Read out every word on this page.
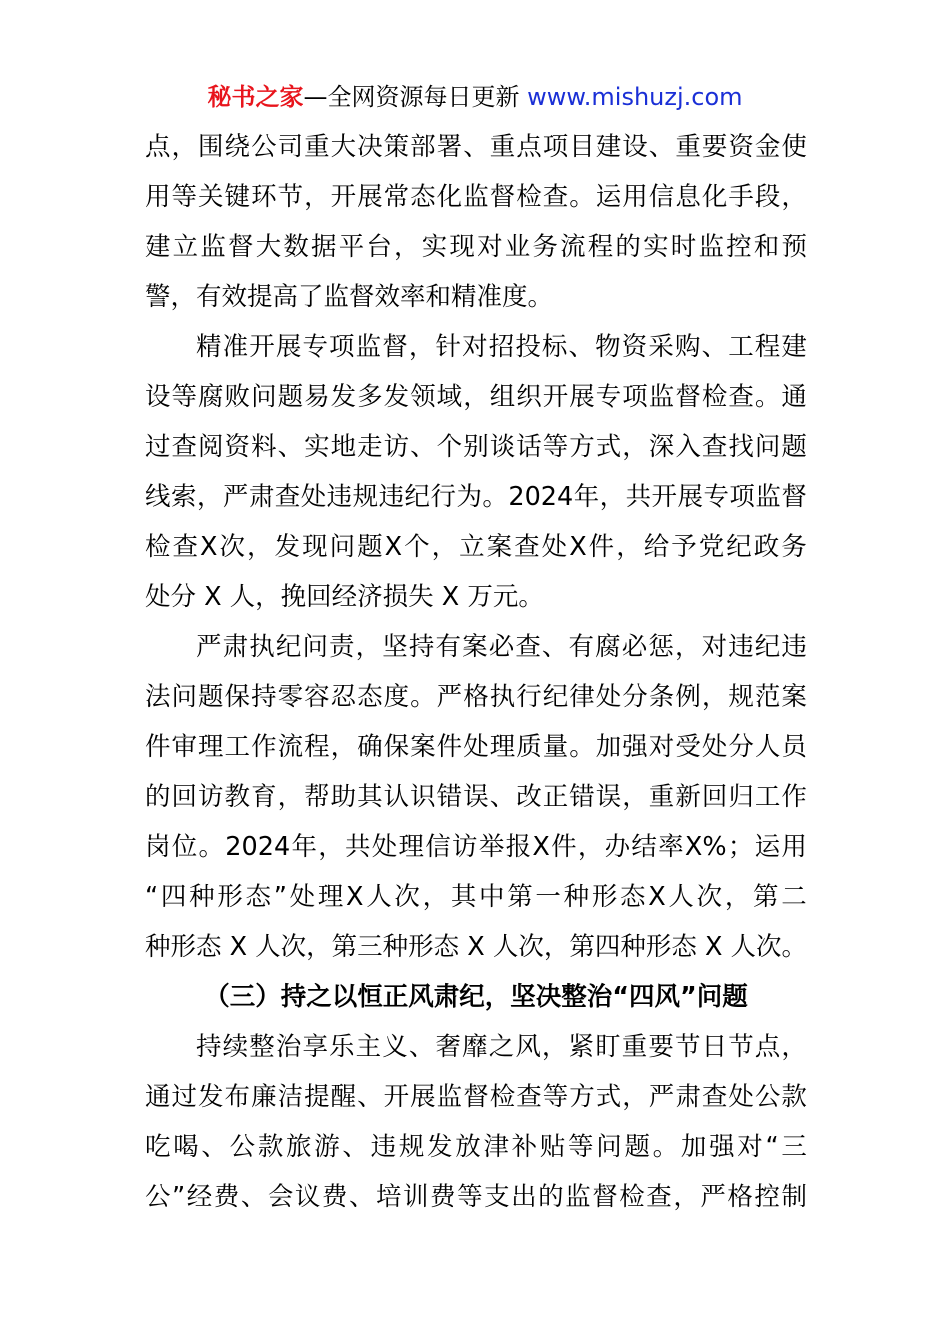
秘书之家—全网资源每日更新 www.mishuzj.com
点 ， 围 绕 公 司 重 大 决 策 部 署 、 重 点 项 目 建 设 、 重 要 资 金 使
用 等 关 键 环 节 ， 开 展 常 态 化 监 督 检 查 。 运 用 信 息 化 手 段 ，
建 立 监 督 大 数 据 平 台 ， 实 现 对 业 务 流 程 的 实 时 监 控 和 预
警，有效提高了监督效率和精准度。
精 准 开 展 专 项 监 督 ， 针 对 招 投 标 、 物 资 采 购 、 工 程 建
设 等 腐 败 问 题 易 发 多 发 领 域 ， 组 织 开 展 专 项 监 督 检 查 。 通
过 查 阅 资 料 、 实 地 走 访 、 个 别 谈 话 等 方 式 ， 深 入 查 找 问 题
线 索 ， 严 肃 查 处 违 规 违 纪 行 为 。 2024 年 ， 共 开 展 专 项 监 督
检 查 X 次 ， 发 现 问 题 X 个 ， 立 案 查 处 X 件 ， 给 予 党 纪 政 务
处分 X 人，挽回经济损失 X 万元。
严 肃 执 纪 问 责 ， 坚 持 有 案 必 查 、 有 腐 必 惩 ， 对 违 纪 违
法 问 题 保 持 零 容 忍 态 度 。 严 格 执 行 纪 律 处 分 条 例 ， 规 范 案
件 审 理 工 作 流 程 ， 确 保 案 件 处 理 质 量 。 加 强 对 受 处 分 人 员
的 回 访 教 育 ， 帮 助 其 认 识 错 误 、 改 正 错 误 ， 重 新 回 归 工 作
岗 位 。 2024 年 ， 共 处 理 信 访 举 报 X 件 ， 办 结 率 X% ； 运 用
“ 四 种 形 态 ” 处 理 X 人 次 ， 其 中 第 一 种 形 态 X 人 次 ， 第 二
种形态 X 人次，第三种形态 X 人次，第四种形态 X 人次。
（三）持之以恒正风肃纪，坚决整治“四风”问题
持 续 整 治 享 乐 主 义 、 奢 靡 之 风 ， 紧 盯 重 要 节 日 节 点 ，
通 过 发 布 廉 洁 提 醒 、 开 展 监 督 检 查 等 方 式 ， 严 肃 查 处 公 款
吃 喝 、 公 款 旅 游 、 违 规 发 放 津 补 贴 等 问 题 。 加 强 对 “ 三
公 ” 经 费 、 会 议 费 、 培 训 费 等 支 出 的 监 督 检 查 ， 严 格 控 制
